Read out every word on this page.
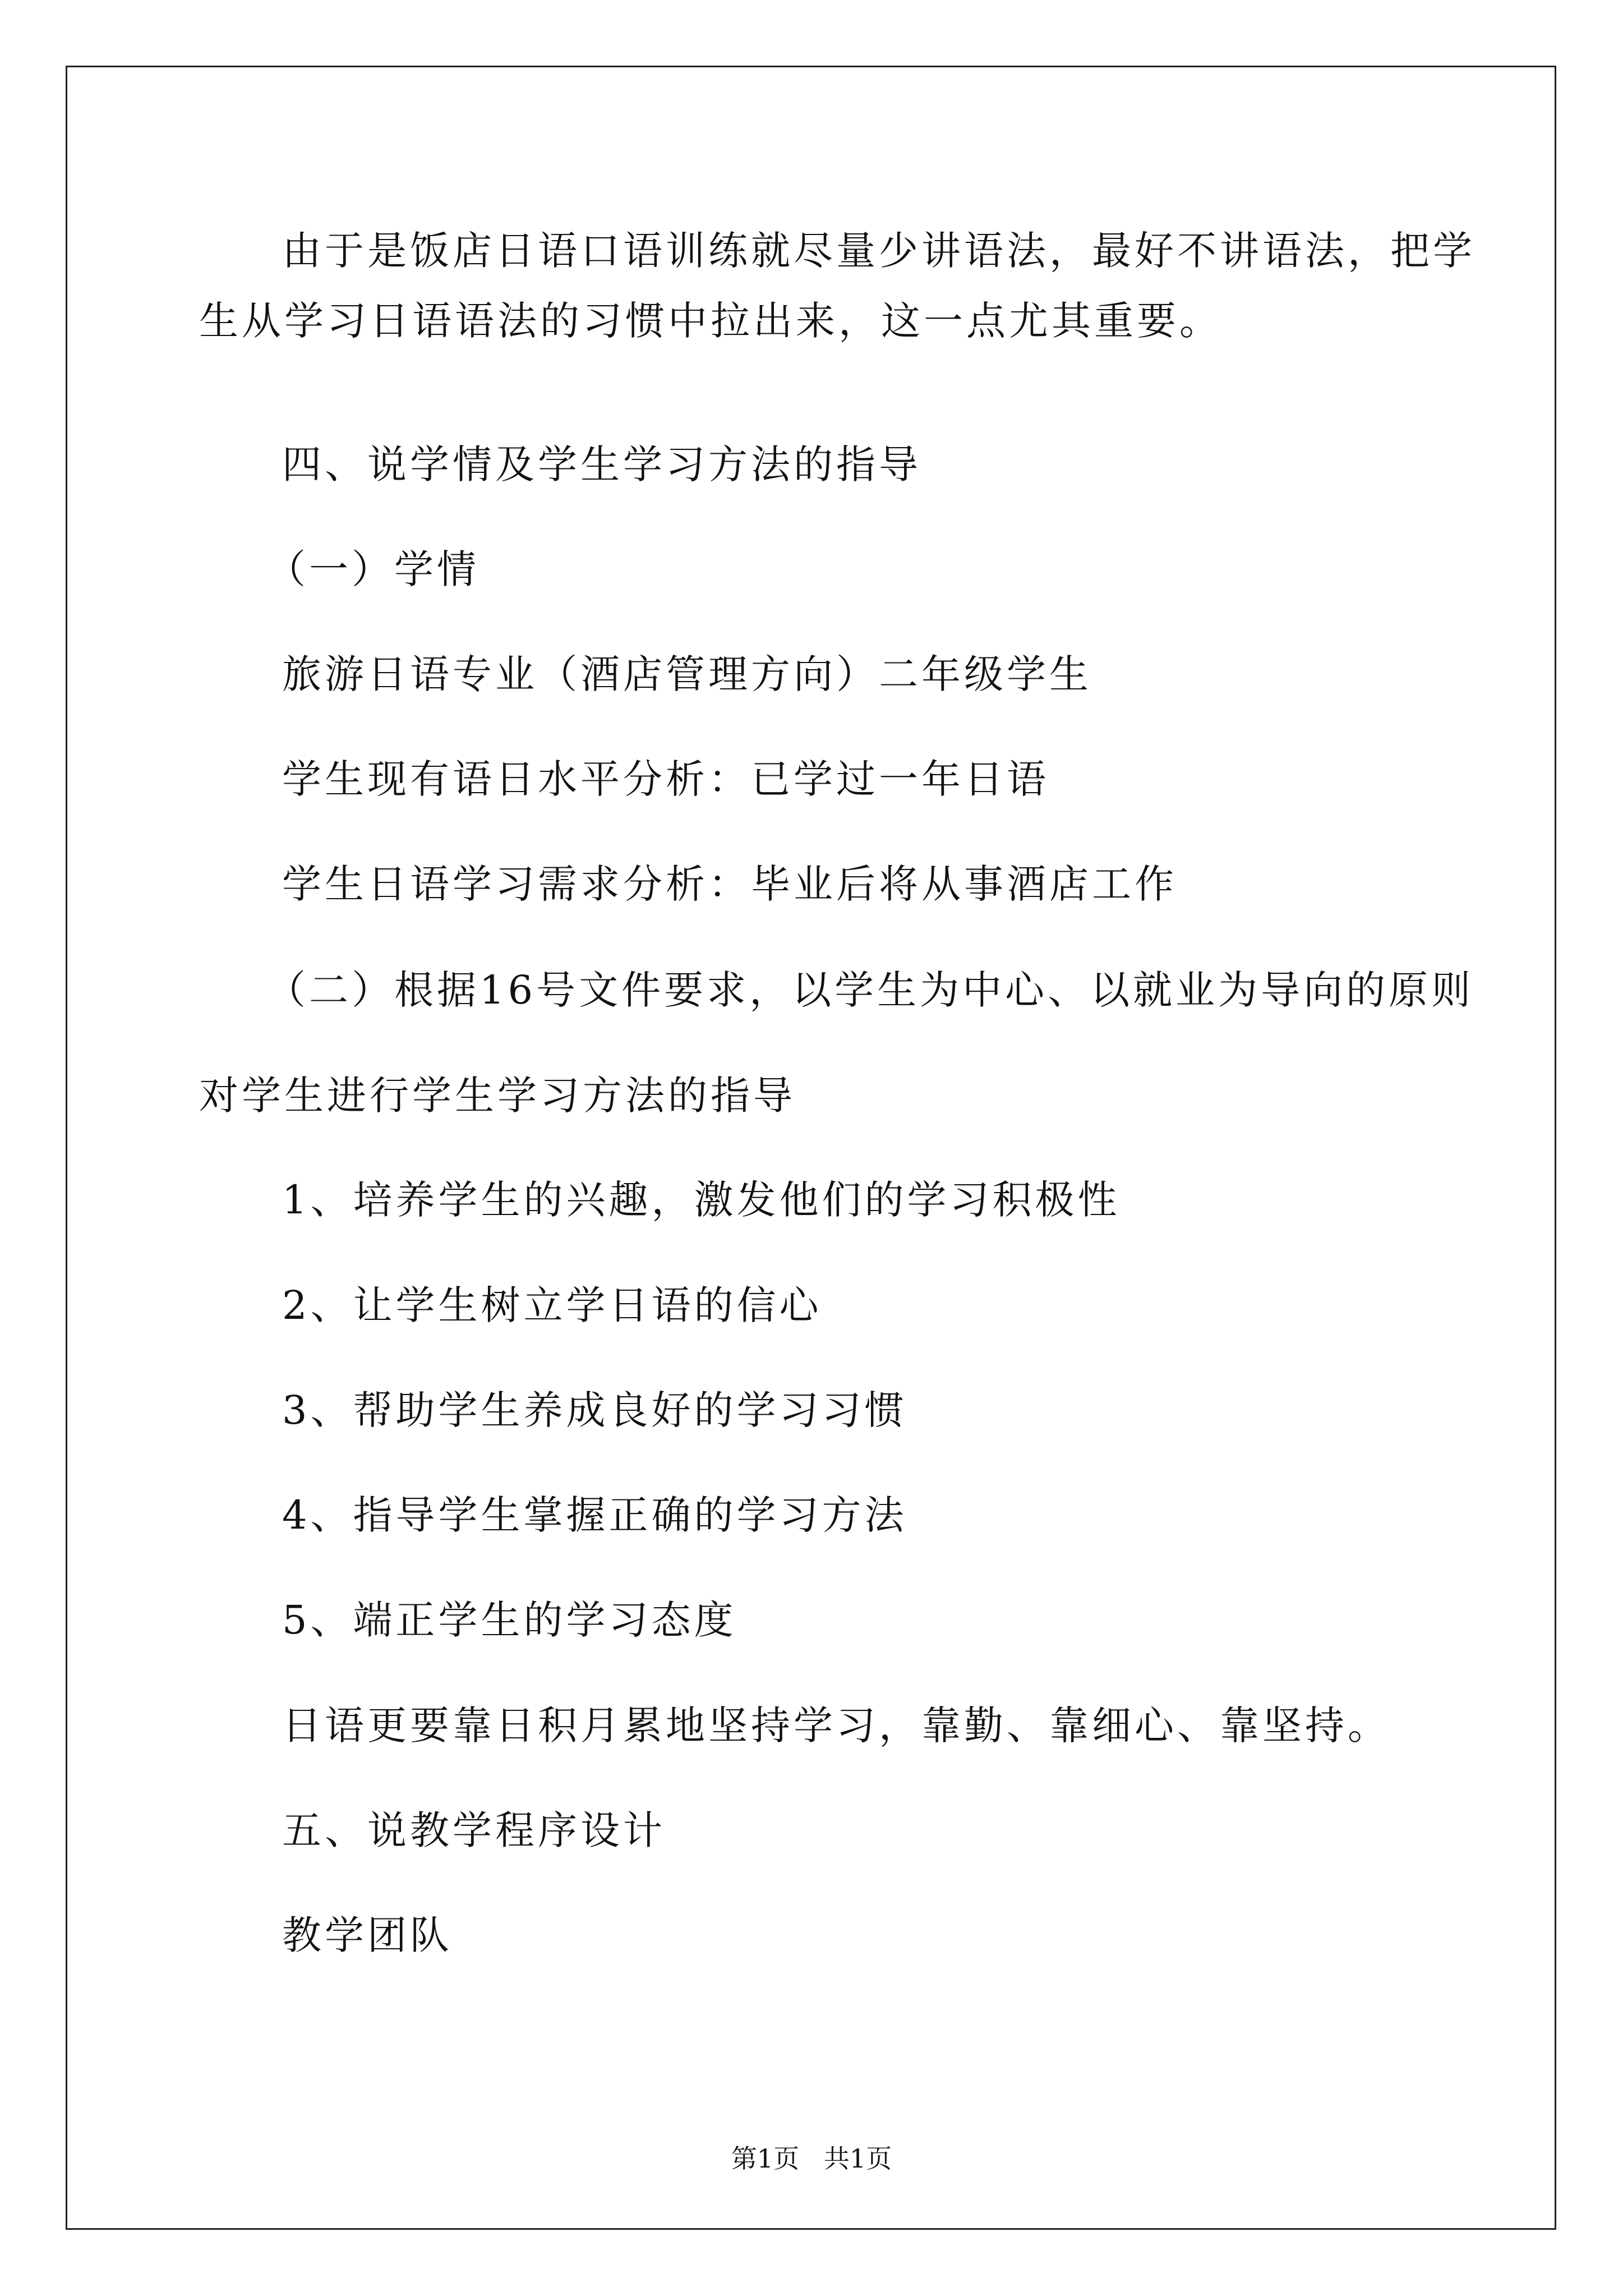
由于是饭店日语口语训练就尽量少讲语法，最好不讲语法，把学
生从学习日语语法的习惯中拉出来，这一点尤其重要。
四、说学情及学生学习方法的指导
（一）学情
旅游日语专业（酒店管理方向）二年级学生
学生现有语日水平分析：已学过一年日语
学生日语学习需求分析：毕业后将从事酒店工作
（二）根据16号文件要求，以学生为中心、以就业为导向的原则
对学生进行学生学习方法的指导
1、培养学生的兴趣，激发他们的学习积极性
2、让学生树立学日语的信心
3、帮助学生养成良好的学习习惯
4、指导学生掌握正确的学习方法
5、端正学生的学习态度
日语更要靠日积月累地坚持学习，靠勤、靠细心、靠坚持。
五、说教学程序设计
教学团队
第1页   共1页
